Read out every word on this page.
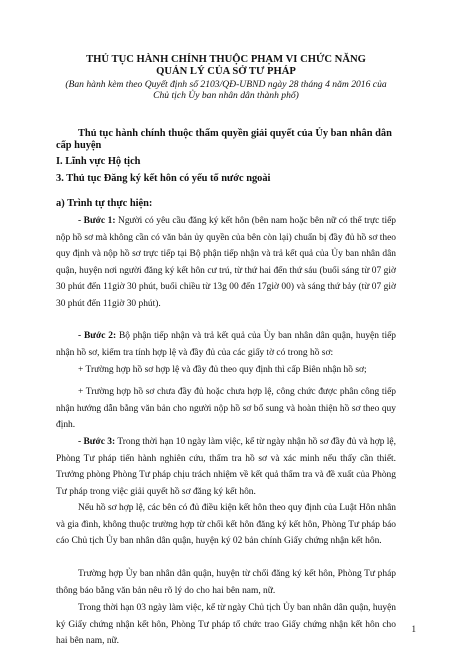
THỦ TỤC HÀNH CHÍNH THUỘC PHẠM VI CHỨC NĂNG
QUẢN LÝ CỦA SỞ TƯ PHÁP
(Ban hành kèm theo Quyết định số 2103/QĐ-UBND ngày 28 tháng 4 năm 2016 của
Chủ tịch Ủy ban nhân dân thành phố)
Thủ tục hành chính thuộc thẩm quyền giải quyết của Ủy ban nhân dân
cấp huyện
I. Lĩnh vực Hộ tịch
3. Thủ tục Đăng ký kết hôn có yếu tố nước ngoài
a) Trình tự thực hiện:
- Bước 1: Người có yêu cầu đăng ký kết hôn (bên nam hoặc bên nữ có thể trực tiếp nộp hồ sơ mà không cần có văn bản ủy quyền của bên còn lại) chuẩn bị đầy đủ hồ sơ theo quy định và nộp hồ sơ trực tiếp tại Bộ phận tiếp nhận và trả kết quả của Ủy ban nhân dân quận, huyện nơi người đăng ký kết hôn cư trú, từ thứ hai đến thứ sáu (buổi sáng từ 07 giờ 30 phút đến 11giờ 30 phút, buổi chiều từ 13g 00 đến 17giờ 00) và sáng thứ bảy (từ 07 giờ 30 phút đến 11giờ 30 phút).
- Bước 2: Bộ phận tiếp nhận và trả kết quả của Ủy ban nhân dân quận, huyện tiếp nhận hồ sơ, kiểm tra tính hợp lệ và đầy đủ của các giấy tờ có trong hồ sơ:
+ Trường hợp hồ sơ hợp lệ và đầy đủ theo quy định thì cấp Biên nhận hồ sơ;
+ Trường hợp hồ sơ chưa đầy đủ hoặc chưa hợp lệ, công chức được phân công tiếp nhận hướng dẫn bằng văn bản cho người nộp hồ sơ bổ sung và hoàn thiện hồ sơ theo quy định.
- Bước 3: Trong thời hạn 10 ngày làm việc, kể từ ngày nhận hồ sơ đầy đủ và hợp lệ, Phòng Tư pháp tiến hành nghiên cứu, thẩm tra hồ sơ và xác minh nếu thấy cần thiết. Trưởng phòng Phòng Tư pháp chịu trách nhiệm về kết quả thẩm tra và đề xuất của Phòng Tư pháp trong việc giải quyết hồ sơ đăng ký kết hôn.
Nếu hồ sơ hợp lệ, các bên có đủ điều kiện kết hôn theo quy định của Luật Hôn nhân và gia đình, không thuộc trường hợp từ chối kết hôn đăng ký kết hôn, Phòng Tư pháp báo cáo Chủ tịch Ủy ban nhân dân quận, huyện ký 02 bản chính Giấy chứng nhận kết hôn.
Trường hợp Ủy ban nhân dân quận, huyện từ chối đăng ký kết hôn, Phòng Tư pháp thông báo bằng văn bản nêu rõ lý do cho hai bên nam, nữ.
Trong thời hạn 03 ngày làm việc, kể từ ngày Chủ tịch Ủy ban nhân dân quận, huyện ký Giấy chứng nhận kết hôn, Phòng Tư pháp tổ chức trao Giấy chứng nhận kết hôn cho hai bên nam, nữ.
1
